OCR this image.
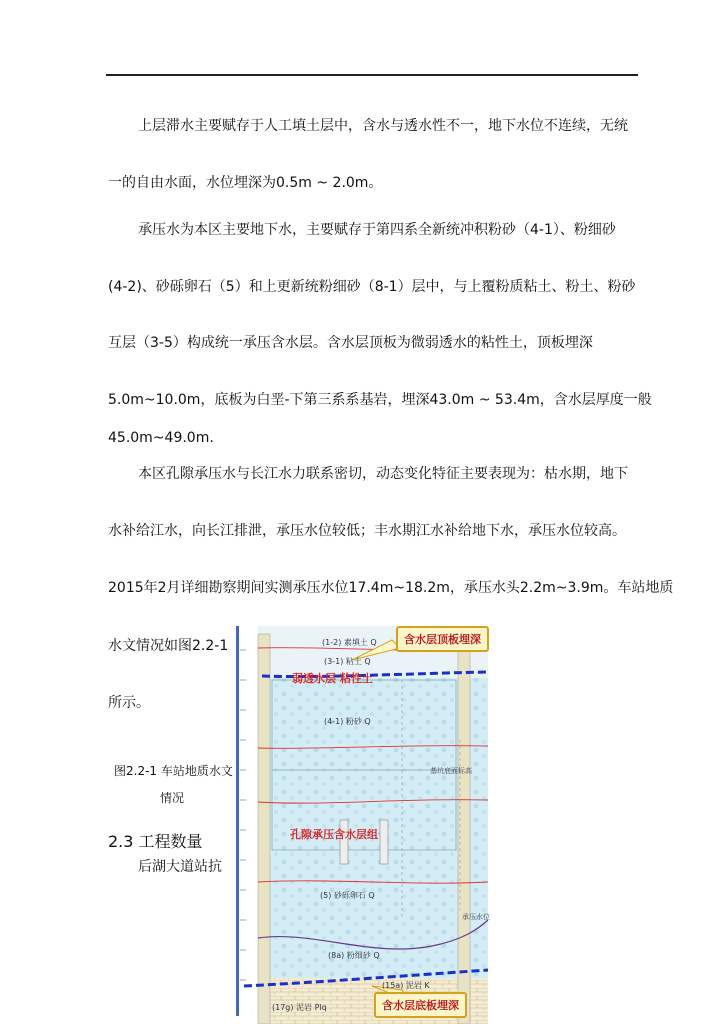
上层滞水主要赋存于人工填土层中，含水与透水性不一，地下水位不连续，无统
一的自由水面，水位埋深为0.5m ~ 2.0m。
承压水为本区主要地下水，主要赋存于第四系全新统冲积粉砂（4-1）、粉细砂
(4-2)、砂砾卵石（5）和上更新统粉细砂（8-1）层中，与上覆粉质粘土、粉土、粉砂
互层（3-5）构成统一承压含水层。含水层顶板为微弱透水的粘性土，顶板埋深
5.0m~10.0m，底板为白垩-下第三系系基岩，埋深43.0m ~ 53.4m，含水层厚度一般
45.0m~49.0m.
本区孔隙承压水与长江水力联系密切，动态变化特征主要表现为：枯水期，地下
水补给江水，向长江排泄，承压水位较低；丰水期江水补给地下水，承压水位较高。
2015年2月详细勘察期间实测承压水位17.4m~18.2m，承压水头2.2m~3.9m。车站地质
水文情况如图2.2-1
所示。
图2.2-1 车站地质水文
情况
2.3 工程数量
后湖大道站抗
含水层顶板埋深
弱透水层 粘性土
孔隙承压含水层组
含水层底板埋深
(1-2) 素填土 Q
(3-1) 粘土 Q
(4-1) 粉砂 Q
(5) 砂砾卵石 Q
(8a) 粉细砂 Q
(17g) 泥岩 Plq
(15a) 泥岩 K
基坑底面标高
承压水位
